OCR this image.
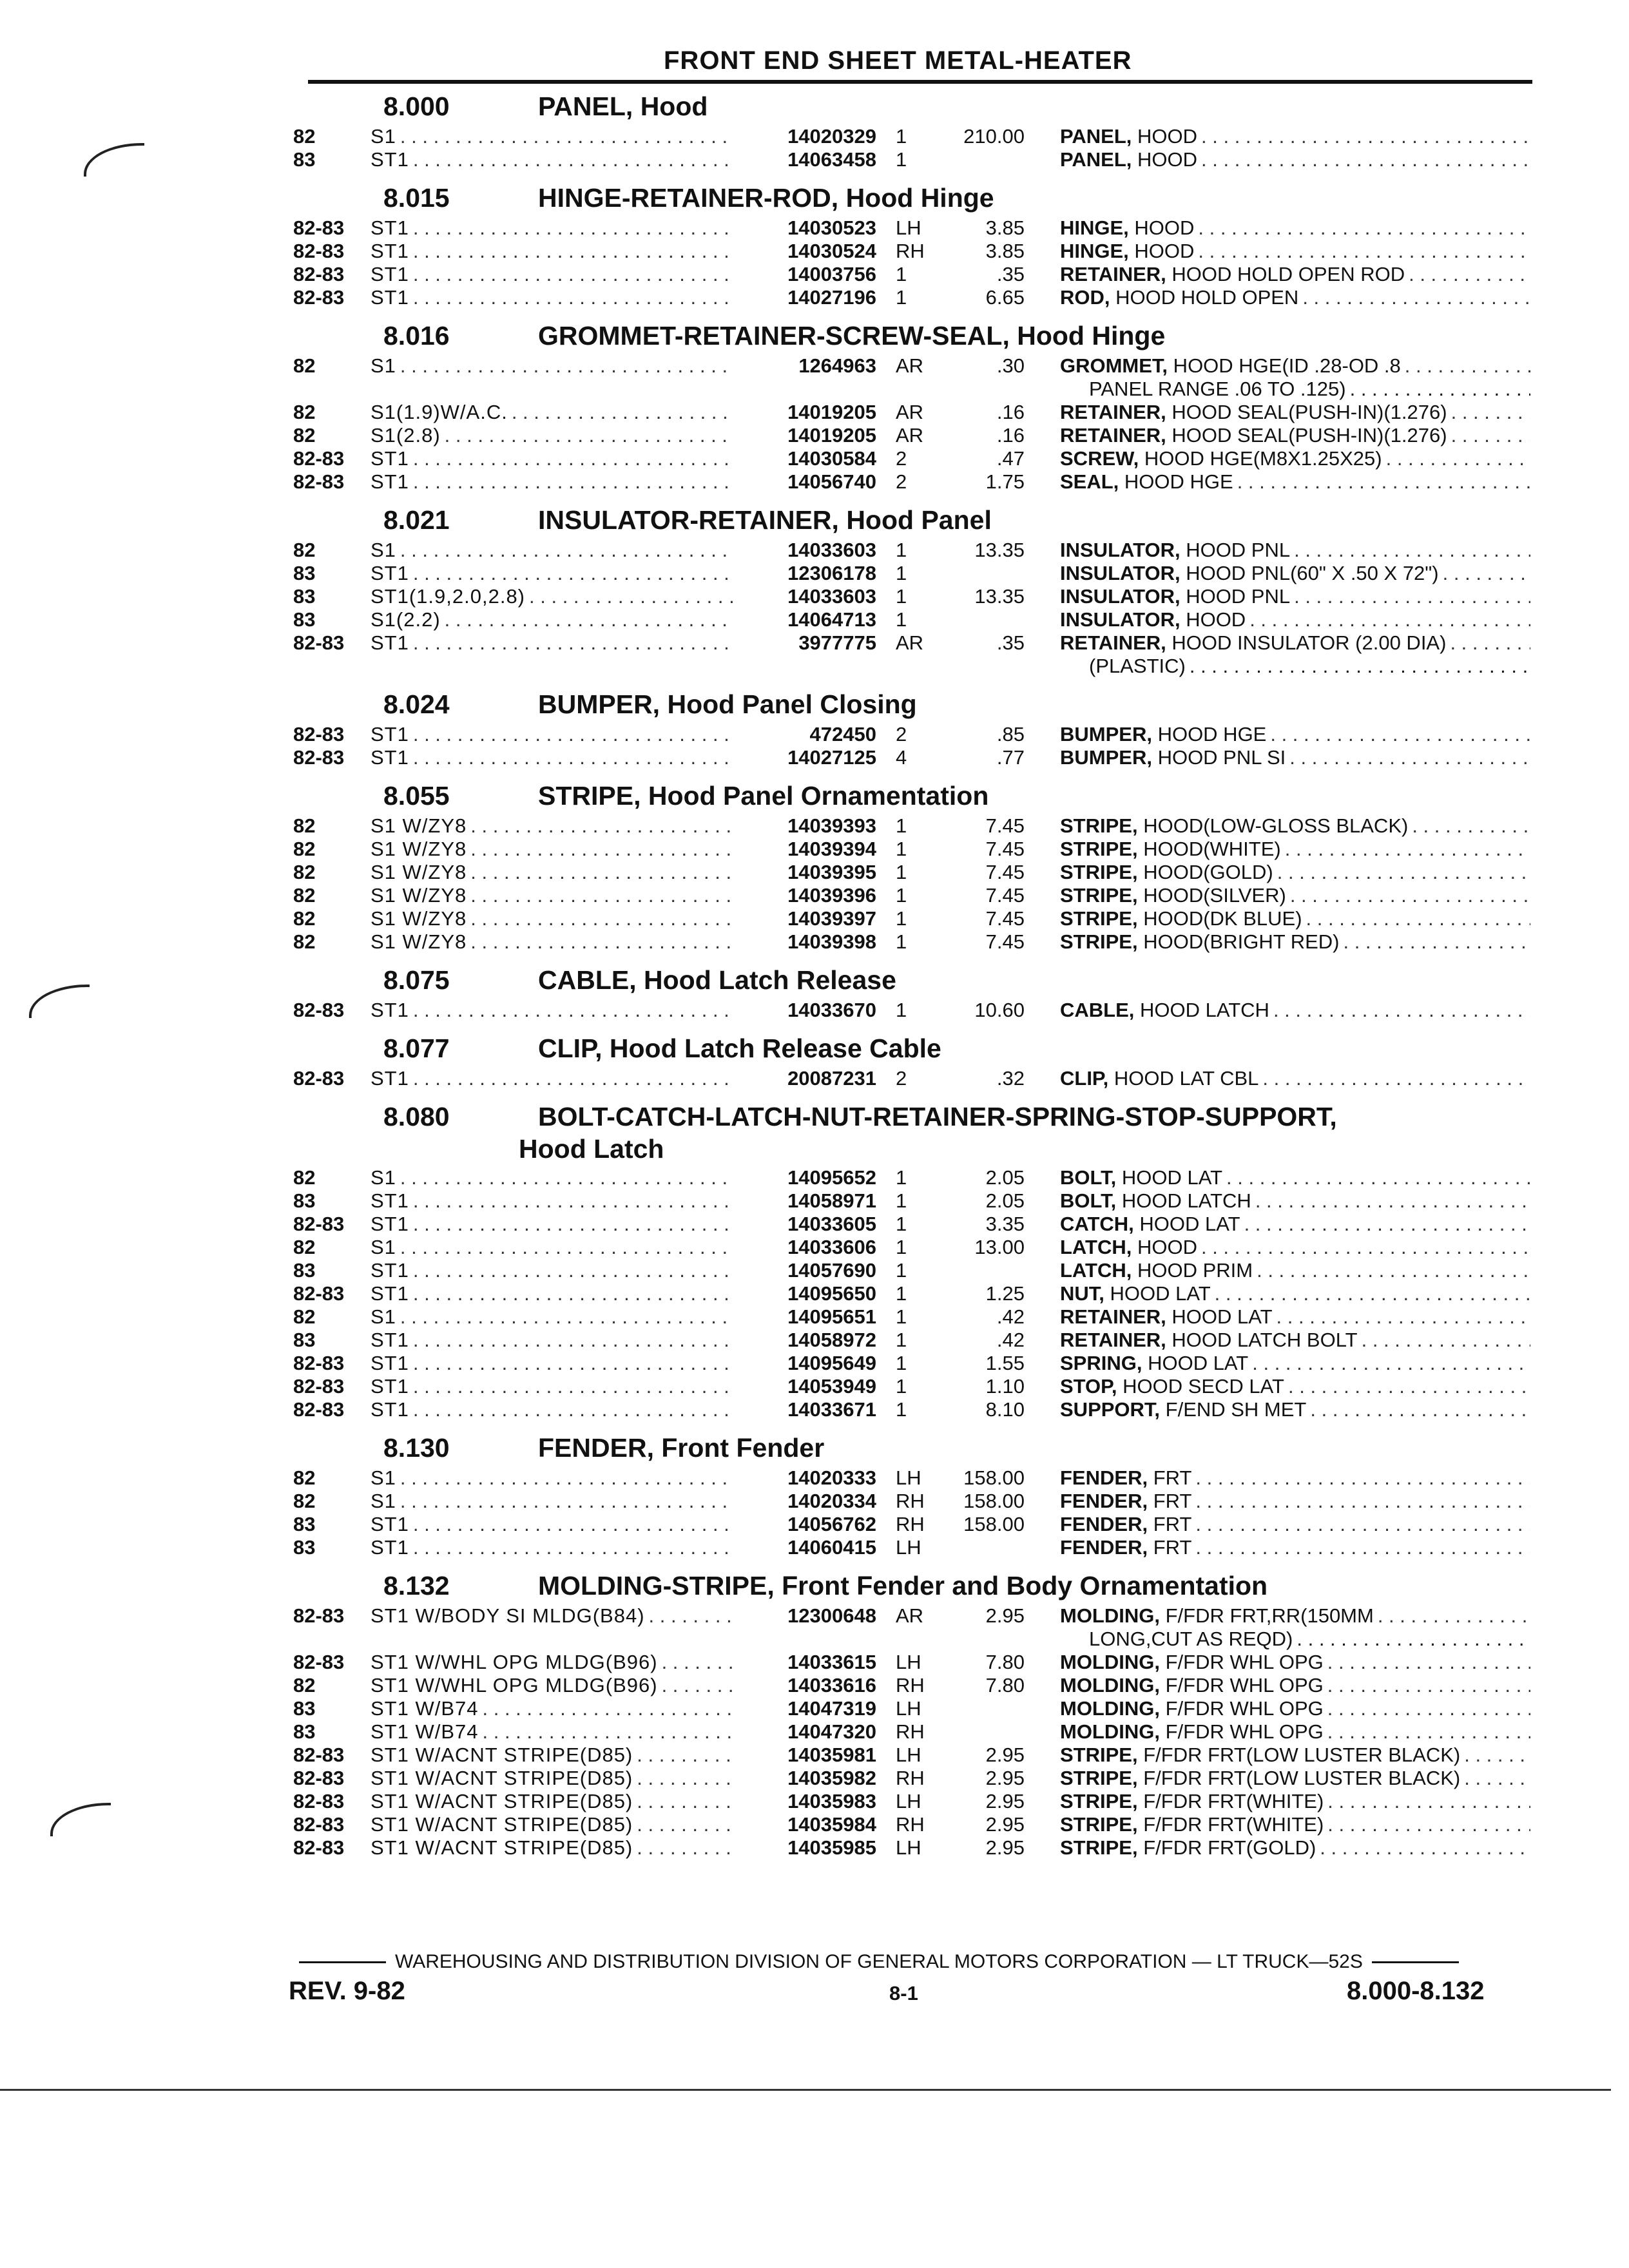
FRONT END SHEET METAL-HEATER
8.000	PANEL, Hood
82	S1 . . .	14020329 1	210.00	PANEL, HOOD
. . .
83	ST1 . . .	14063458 1	PANEL, HOOD
. . .
8.015	HINGE-RETAINER-ROD, Hood Hinge
82-83	ST1 . . .	14030523 LH	3.85	HINGE, HOOD
. . .
82-83	ST1 . . .	14030524 RH	3.85	HINGE, HOOD
. . .
82-83	ST1 . . .	14003756 1	.35	RETAINER, HOOD HOLD OPEN ROD
. . .
82-83	ST1 . . .	14027196 1	6.65	ROD, HOOD HOLD OPEN
. . .
8.016	GROMMET-RETAINER-SCREW-SEAL, Hood Hinge
82	S1 . . .	1264963 AR	.30	GROMMET, HOOD HGE(ID .28-OD .8
. . .
PANEL RANGE .06 TO .125)
. . .
82	S1(1.9)W/A.C. . . .	14019205 AR	.16	RETAINER, HOOD SEAL(PUSH-IN)(1.276)
. . .
82	S1(2.8) . . .	14019205 AR	.16	RETAINER, HOOD SEAL(PUSH-IN)(1.276)
. . .
82-83	ST1 . . .	14030584 2	.47	SCREW, HOOD HGE(M8X1.25X25)
. . .
82-83	ST1 . . .	14056740 2	1.75	SEAL, HOOD HGE
. . .
8.021	INSULATOR-RETAINER, Hood Panel
82	S1 . . .	14033603 1	13.35	INSULATOR, HOOD PNL
. . .
83	ST1 . . .	12306178 1	INSULATOR, HOOD PNL(60" X .50 X 72")
. . .
83	ST1(1.9,2.0,2.8) . . .	14033603 1	13.35	INSULATOR, HOOD PNL
. . .
83	S1(2.2) . . .	14064713 1	INSULATOR, HOOD
. . .
82-83	ST1 . . .	3977775 AR	.35	RETAINER, HOOD INSULATOR (2.00 DIA)
. . .
(PLASTIC)
. . .
8.024	BUMPER, Hood Panel Closing
82-83	ST1 . . .	472450 2	.85	BUMPER, HOOD HGE
. . .
82-83	ST1 . . .	14027125 4	.77	BUMPER, HOOD PNL SI
. . .
8.055	STRIPE, Hood Panel Ornamentation
82	S1 W/ZY8 . . .	14039393 1	7.45	STRIPE, HOOD(LOW-GLOSS BLACK)
. . .
82	S1 W/ZY8 . . .	14039394 1	7.45	STRIPE, HOOD(WHITE)
. . .
82	S1 W/ZY8 . . .	14039395 1	7.45	STRIPE, HOOD(GOLD)
. . .
82	S1 W/ZY8 . . .	14039396 1	7.45	STRIPE, HOOD(SILVER)
. . .
82	S1 W/ZY8 . . .	14039397 1	7.45	STRIPE, HOOD(DK BLUE)
. . .
82	S1 W/ZY8 . . .	14039398 1	7.45	STRIPE, HOOD(BRIGHT RED)
. . .
8.075	CABLE, Hood Latch Release
82-83	ST1 . . .	14033670 1	10.60	CABLE, HOOD LATCH
. . .
8.077	CLIP, Hood Latch Release Cable
82-83	ST1 . . .	20087231 2	.32	CLIP, HOOD LAT CBL
. . .
8.080	BOLT-CATCH-LATCH-NUT-RETAINER-SPRING-STOP-SUPPORT,
Hood Latch
82	S1 . . .	14095652 1	2.05	BOLT, HOOD LAT
. . .
83	ST1 . . .	14058971 1	2.05	BOLT, HOOD LATCH
. . .
82-83	ST1 . . .	14033605 1	3.35	CATCH, HOOD LAT
. . .
82	S1 . . .	14033606 1	13.00	LATCH, HOOD
. . .
83	ST1 . . .	14057690 1	LATCH, HOOD PRIM
. . .
82-83	ST1 . . .	14095650 1	1.25	NUT, HOOD LAT
. . .
82	S1 . . .	14095651 1	.42	RETAINER, HOOD LAT
. . .
83	ST1 . . .	14058972 1	.42	RETAINER, HOOD LATCH BOLT
. . .
82-83	ST1 . . .	14095649 1	1.55	SPRING, HOOD LAT
. . .
82-83	ST1 . . .	14053949 1	1.10	STOP, HOOD SECD LAT
. . .
82-83	ST1 . . .	14033671 1	8.10	SUPPORT, F/END SH MET
. . .
8.130	FENDER, Front Fender
82	S1 . . .	14020333 LH	158.00	FENDER, FRT
. . .
82	S1 . . .	14020334 RH	158.00	FENDER, FRT
. . .
83	ST1 . . .	14056762 RH	158.00	FENDER, FRT
. . .
83	ST1 . . .	14060415 LH	FENDER, FRT
. . .
8.132	MOLDING-STRIPE, Front Fender and Body Ornamentation
82-83	ST1 W/BODY SI MLDG(B84) . . .	12300648 AR	2.95	MOLDING, F/FDR FRT,RR(150MM
. . .
LONG,CUT AS REQD)
. . .
82-83	ST1 W/WHL OPG MLDG(B96) . . .	14033615 LH	7.80	MOLDING, F/FDR WHL OPG
. . .
82	ST1 W/WHL OPG MLDG(B96) . . .	14033616 RH	7.80	MOLDING, F/FDR WHL OPG
. . .
83	ST1 W/B74 . . .	14047319 LH	MOLDING, F/FDR WHL OPG
. . .
83	ST1 W/B74 . . .	14047320 RH	MOLDING, F/FDR WHL OPG
. . .
82-83	ST1 W/ACNT STRIPE(D85) . . .	14035981 LH	2.95	STRIPE, F/FDR FRT(LOW LUSTER BLACK)
. . .
82-83	ST1 W/ACNT STRIPE(D85) . . .	14035982 RH	2.95	STRIPE, F/FDR FRT(LOW LUSTER BLACK)
. . .
82-83	ST1 W/ACNT STRIPE(D85) . . .	14035983 LH	2.95	STRIPE, F/FDR FRT(WHITE)
. . .
82-83	ST1 W/ACNT STRIPE(D85) . . .	14035984 RH	2.95	STRIPE, F/FDR FRT(WHITE)
. . .
82-83	ST1 W/ACNT STRIPE(D85) . . .	14035985 LH	2.95	STRIPE, F/FDR FRT(GOLD)
. . .
WAREHOUSING AND DISTRIBUTION DIVISION OF GENERAL MOTORS CORPORATION — LT TRUCK—52S
REV. 9-82	8-1	8.000-8.132
